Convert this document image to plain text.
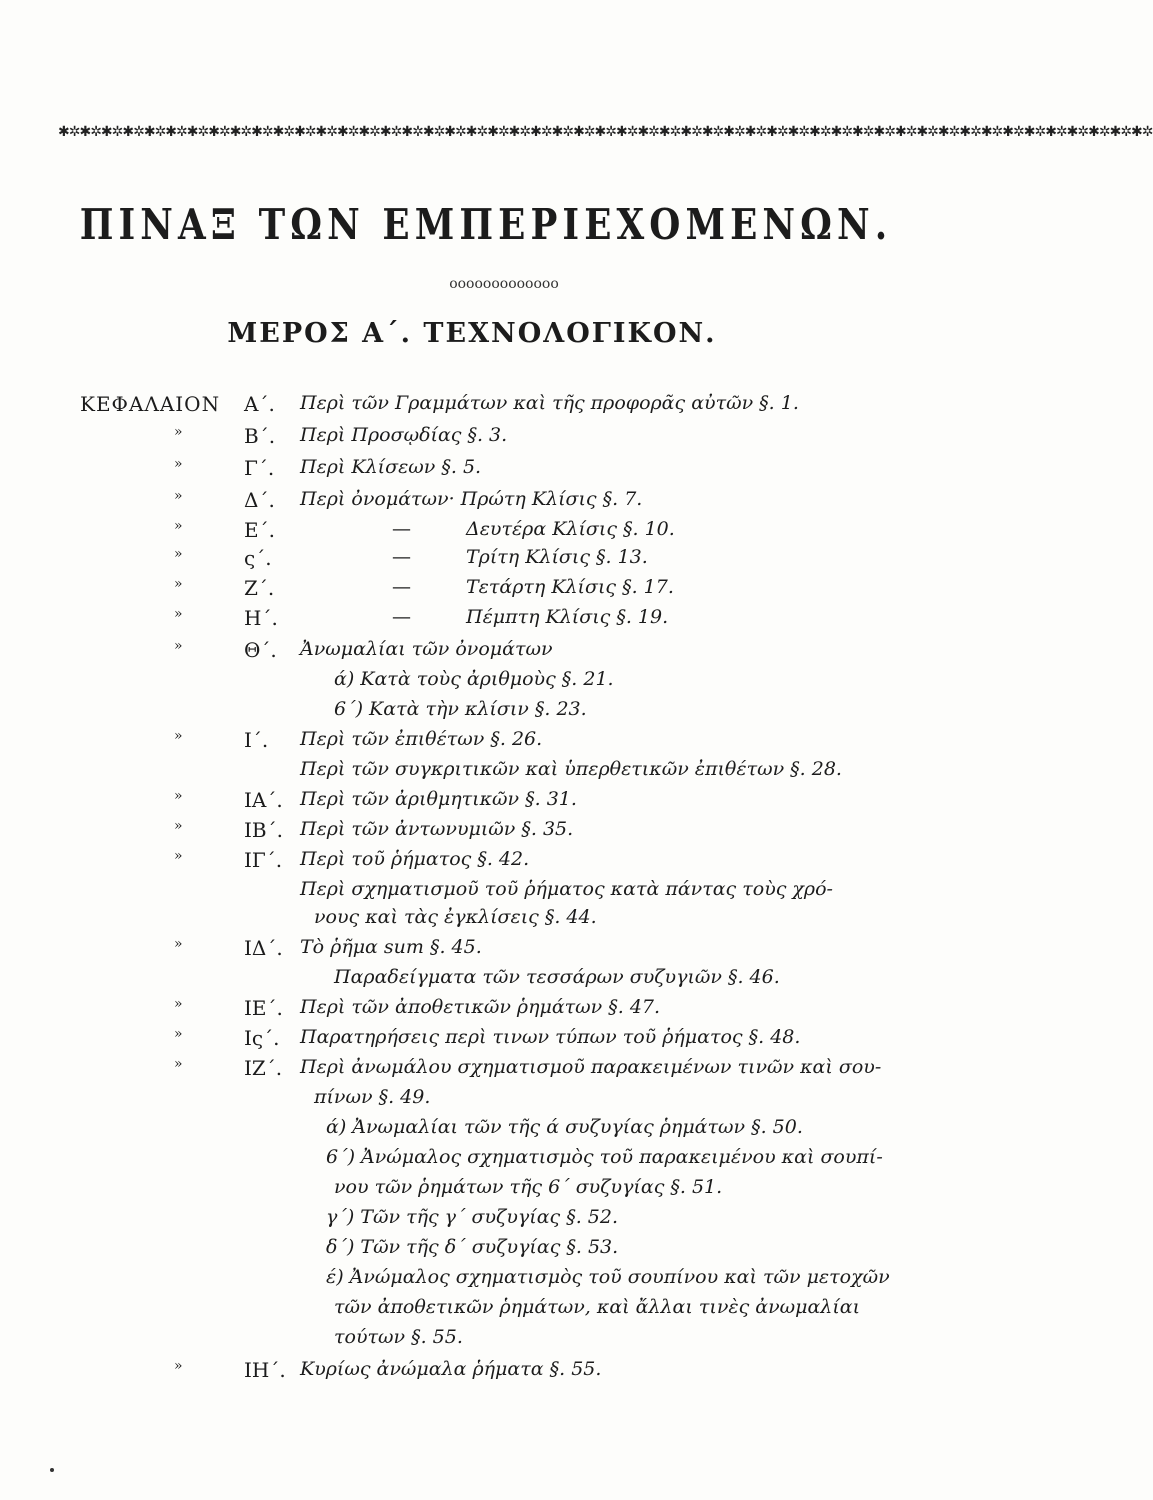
✱✲✱✲✱✲✱✲✱✲✱✲✱✲✱✲✱✲✱✲✱✲✱✲✱✲✱✲✱✲✱✲✱✲✱✲✱✲✱✲✱✲✱✲✱✲✱✲✱✲✱✲✱✲✱✲✱✲✱✲✱✲✱✲✱✲✱✲✱✲✱✲✱✲✱✲✱✲✱✲✱✲✱✲✱✲✱✲✱✲✱✲✱✲✱✲✱✲✱✲✱✲
ΠΙΝΑΞ ΤΩΝ ΕΜΠΕΡΙΕΧΟΜΕΝΩΝ.
ooooooooooooo
ΜΕΡΟΣ Α΄. ΤΕΧΝΟΛΟΓΙΚΟΝ.
ΚΕΦΑΛΑΙΟΝ Α΄. Περὶ τῶν Γραμμάτων καὶ τῆς προφορᾶς αὐτῶν §. 1.
»	Β΄. Περὶ Προσῳδίας §. 3.
»	Γ΄. Περὶ Κλίσεων §. 5.
»	Δ΄. Περὶ ὀνομάτων· Πρώτη Κλίσις §. 7.
»	Ε΄.	—	Δευτέρα Κλίσις §. 10.
»	ς΄.	—	Τρίτη Κλίσις §. 13.
»	Ζ΄.	—	Τετάρτη Κλίσις §. 17.
»	Η΄.	—	Πέμπτη Κλίσις §. 19.
»	Θ΄. Ἀνωμαλίαι τῶν ὀνομάτων
ά) Κατὰ τοὺς ἀριθμοὺς §. 21.
6΄) Κατὰ τὴν κλίσιν §. 23.
»	Ι΄. Περὶ τῶν ἐπιθέτων §. 26.
Περὶ τῶν συγκριτικῶν καὶ ὑπερθετικῶν ἐπιθέτων §. 28.
»	ΙΑ΄. Περὶ τῶν ἀριθμητικῶν §. 31.
»	ΙΒ΄. Περὶ τῶν ἀντωνυμιῶν §. 35.
»	ΙΓ΄. Περὶ τοῦ ῥήματος §. 42.
Περὶ σχηματισμοῦ τοῦ ῥήματος κατὰ πάντας τοὺς χρό-
νους καὶ τὰς ἐγκλίσεις §. 44.
»	ΙΔ΄. Τὸ ῥῆμα sum §. 45.
Παραδείγματα τῶν τεσσάρων συζυγιῶν §. 46.
»	ΙΕ΄. Περὶ τῶν ἀποθετικῶν ῥημάτων §. 47.
»	Ις΄. Παρατηρήσεις περὶ τινων τύπων τοῦ ῥήματος §. 48.
»	ΙΖ΄. Περὶ ἀνωμάλου σχηματισμοῦ παρακειμένων τινῶν καὶ σου-
πίνων §. 49.
ά) Ἀνωμαλίαι τῶν τῆς ά συζυγίας ῥημάτων §. 50.
6΄) Ἀνώμαλος σχηματισμὸς τοῦ παρακειμένου καὶ σουπί-
νου τῶν ῥημάτων τῆς 6΄ συζυγίας §. 51.
γ΄) Τῶν τῆς γ΄ συζυγίας §. 52.
δ΄) Τῶν τῆς δ΄ συζυγίας §. 53.
έ) Ἀνώμαλος σχηματισμὸς τοῦ σουπίνου καὶ τῶν μετοχῶν
τῶν ἀποθετικῶν ῥημάτων, καὶ ἄλλαι τινὲς ἀνωμαλίαι
τούτων §. 55.
»	ΙΗ΄. Κυρίως ἀνώμαλα ῥήματα §. 55.
